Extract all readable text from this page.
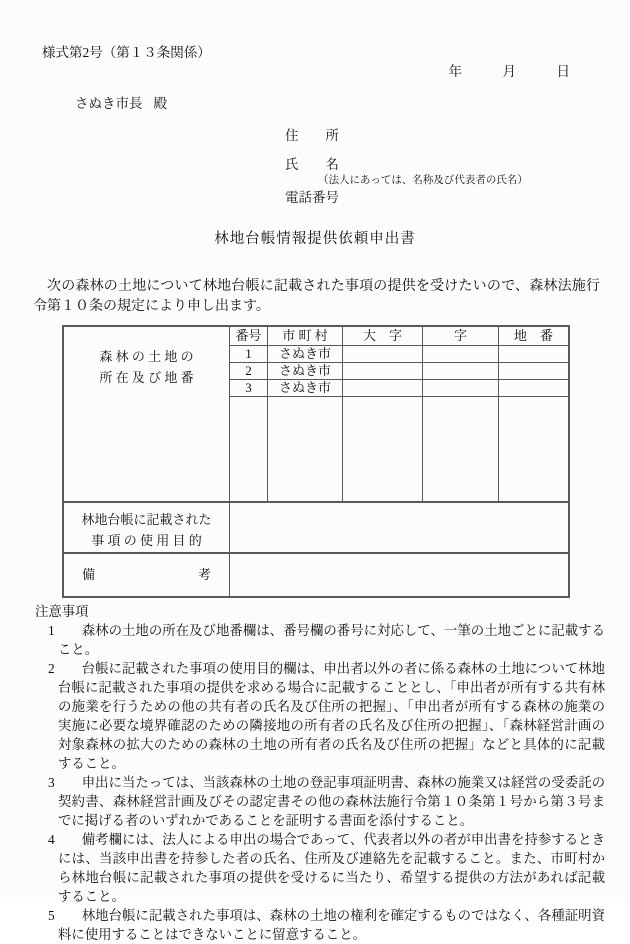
様式第2号（第１３条関係）
年　　　月　　　日
さぬき市長 殿
住　　所
氏　　名
（法人にあっては、名称及び代表者の氏名）
電話番号
林地台帳情報提供依頼申出書

次の森林の土地について林地台帳に記載された事項の提供を受けたいので、森林法施行令第１０条の規定により申し出ます。

森 林 の 土 地 の
所 在 及 び 地 番
番号	市 町 村	大　字	字	地　番
1	さぬき市
2	さぬき市
3	さぬき市
林地台帳に記載された
事 項 の 使 用 目 的
備	考
注意事項
1 森林の土地の所在及び地番欄は、番号欄の番号に対応して、一筆の土地ごとに記載すること。
2 台帳に記載された事項の使用目的欄は、申出者以外の者に係る森林の土地について林地台帳に記載された事項の提供を求める場合に記載することとし、「申出者が所有する共有林の施業を行うための他の共有者の氏名及び住所の把握」、「申出者が所有する森林の施業の実施に必要な境界確認のための隣接地の所有者の氏名及び住所の把握」、「森林経営計画の対象森林の拡大のための森林の土地の所有者の氏名及び住所の把握」などと具体的に記載すること。
3 申出に当たっては、当該森林の土地の登記事項証明書、森林の施業又は経営の受委託の契約書、森林経営計画及びその認定書その他の森林法施行令第１０条第１号から第３号までに掲げる者のいずれかであることを証明する書面を添付すること。
4 備考欄には、法人による申出の場合であって、代表者以外の者が申出書を持参するときには、当該申出書を持参した者の氏名、住所及び連絡先を記載すること。また、市町村から林地台帳に記載された事項の提供を受けるに当たり、希望する提供の方法があれば記載すること。
5 林地台帳に記載された事項は、森林の土地の権利を確定するものではなく、各種証明資料に使用することはできないことに留意すること。
